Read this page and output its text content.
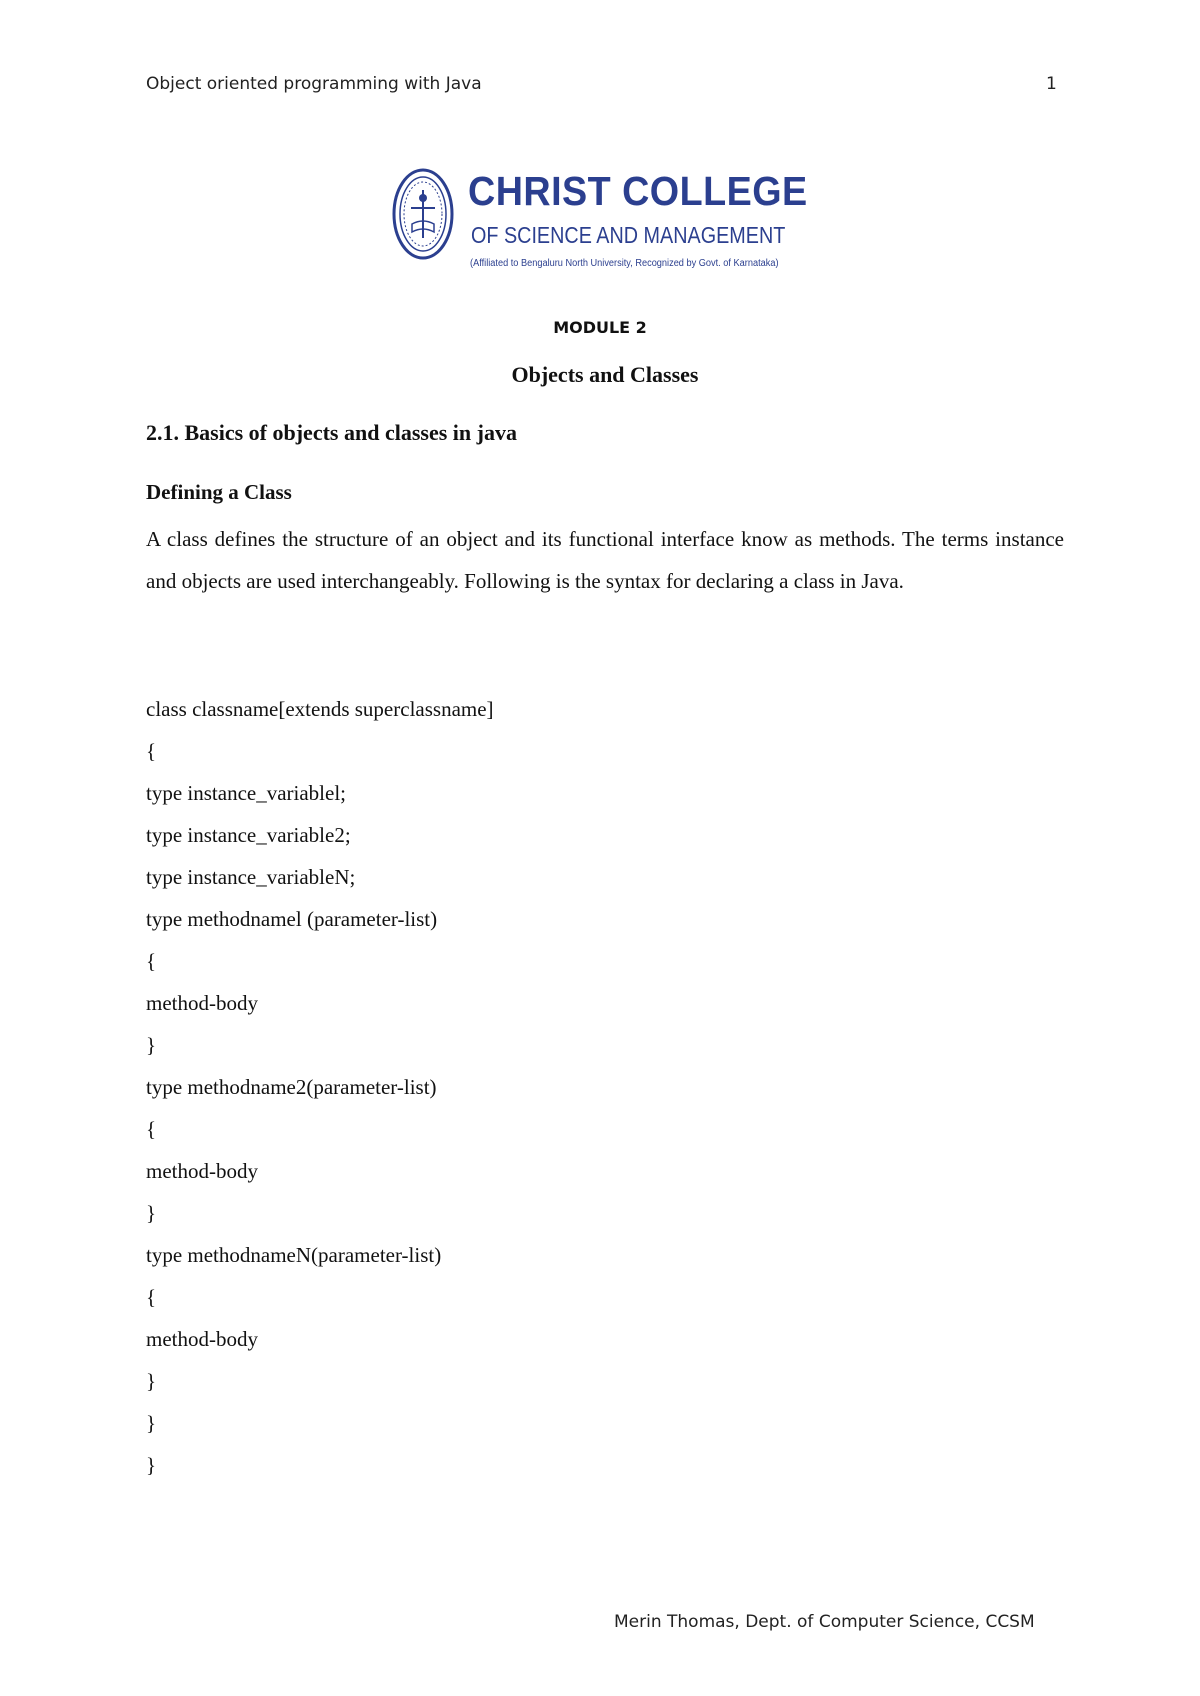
Object oriented programming with Java	1
CHRIST COLLEGE
OF SCIENCE AND MANAGEMENT
(Affiliated to Bengaluru North University, Recognized by Govt. of Karnataka)
MODULE 2
Objects and Classes
2.1. Basics of objects and classes in java
Defining a Class
A class defines the structure of an object and its functional interface know as methods. The terms instance and objects are used interchangeably. Following is the syntax for declaring a class in Java.
class classname[extends superclassname]
{
type instance_variablel;
type instance_variable2;
type instance_variableN;
type methodnamel (parameter-list)
{
method-body
}
type methodname2(parameter-list)
{
method-body
}
type methodnameN(parameter-list)
{
method-body
}
}
}
Merin Thomas, Dept. of Computer Science, CCSM
